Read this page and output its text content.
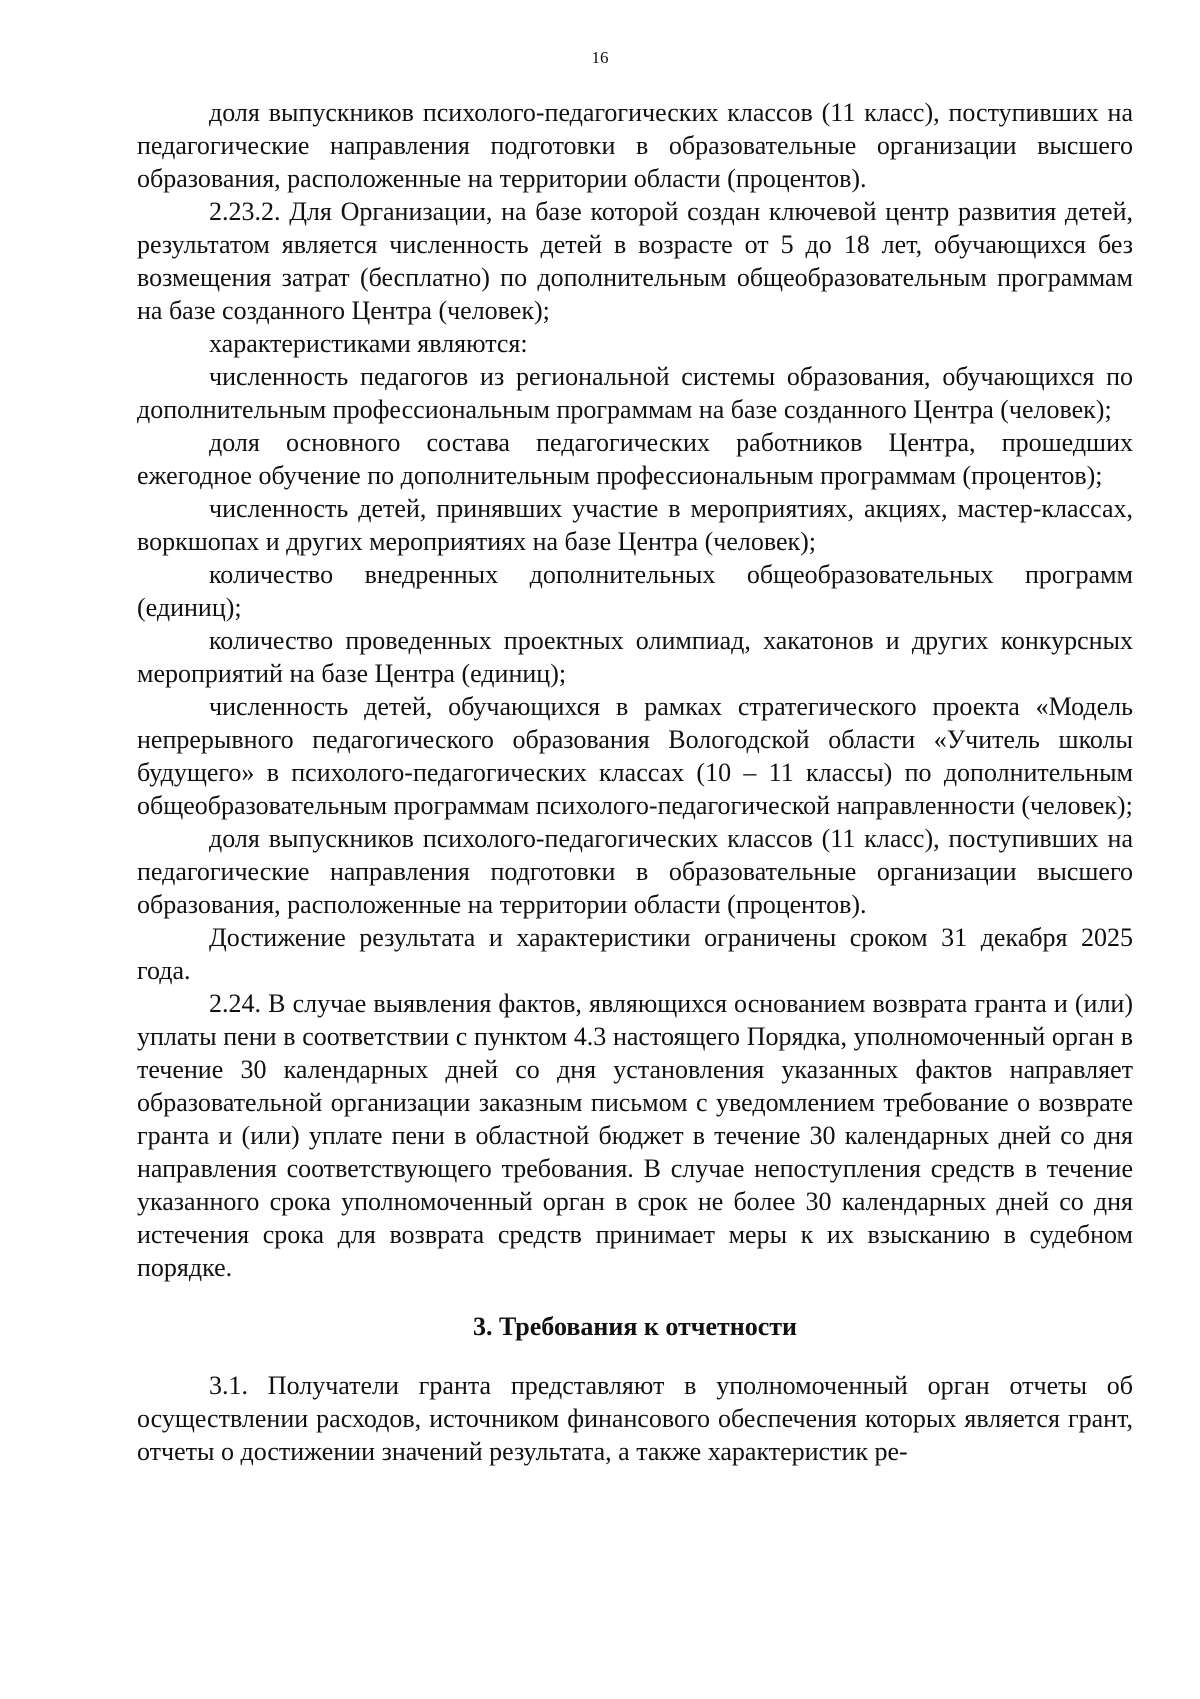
16

доля выпускников психолого-педагогических классов (11 класс), поступивших на педагогические направления подготовки в образовательные организации высшего образования, расположенные на территории области (процентов).

2.23.2. Для Организации, на базе которой создан ключевой центр развития детей, результатом является численность детей в возрасте от 5 до 18 лет, обучающихся без возмещения затрат (бесплатно) по дополнительным общеобразовательным программам на базе созданного Центра (человек);

характеристиками являются:

численность педагогов из региональной системы образования, обучающихся по дополнительным профессиональным программам на базе созданного Центра (человек);

доля основного состава педагогических работников Центра, прошедших ежегодное обучение по дополнительным профессиональным программам (процентов);

численность детей, принявших участие в мероприятиях, акциях, мастер-классах, воркшопах и других мероприятиях на базе Центра (человек);

количество внедренных дополнительных общеобразовательных программ (единиц);

количество проведенных проектных олимпиад, хакатонов и других конкурсных мероприятий на базе Центра (единиц);

численность детей, обучающихся в рамках стратегического проекта «Модель непрерывного педагогического образования Вологодской области «Учитель школы будущего» в психолого-педагогических классах (10 – 11 классы) по дополнительным общеобразовательным программам психолого-педагогической направленности (человек);

доля выпускников психолого-педагогических классов (11 класс), поступивших на педагогические направления подготовки в образовательные организации высшего образования, расположенные на территории области (процентов).

Достижение результата и характеристики ограничены сроком 31 декабря 2025 года.

2.24. В случае выявления фактов, являющихся основанием возврата гранта и (или) уплаты пени в соответствии с пунктом 4.3 настоящего Порядка, уполномоченный орган в течение 30 календарных дней со дня установления указанных фактов направляет образовательной организации заказным письмом с уведомлением требование о возврате гранта и (или) уплате пени в областной бюджет в течение 30 календарных дней со дня направления соответствующего требования. В случае непоступления средств в течение указанного срока уполномоченный орган в срок не более 30 календарных дней со дня истечения срока для возврата средств принимает меры к их взысканию в судебном порядке.

3. Требования к отчетности

3.1. Получатели гранта представляют в уполномоченный орган отчеты об осуществлении расходов, источником финансового обеспечения которых является грант, отчеты о достижении значений результата, а также характеристик ре-
